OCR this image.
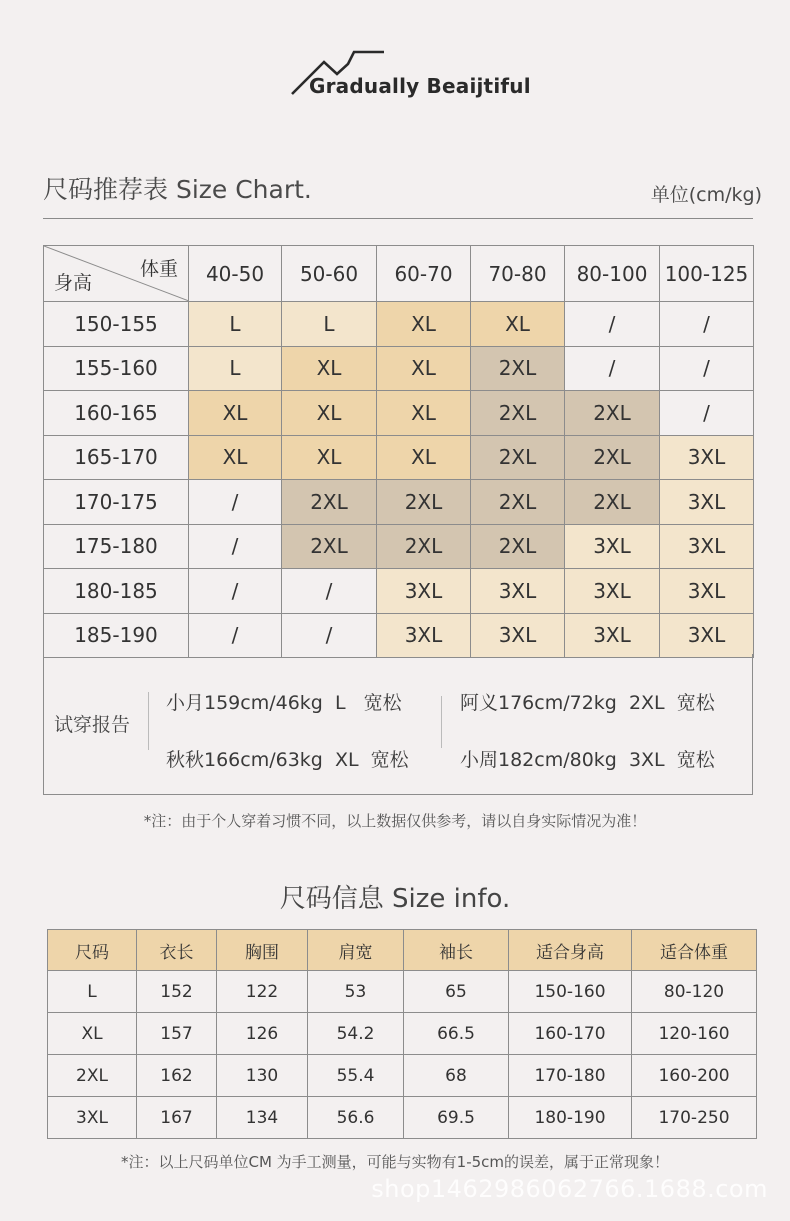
Gradually Beaijtiful
尺码推荐表 Size Chart.	单位(cm/kg)
体重
身高	40-50	50-60	60-70	70-80	80-100	100-125
150-155	L	L	XL	XL	/	/
155-160	L	XL	XL	2XL	/	/
160-165	XL	XL	XL	2XL	2XL	/
165-170	XL	XL	XL	2XL	2XL	3XL
170-175	/	2XL	2XL	2XL	2XL	3XL
175-180	/	2XL	2XL	2XL	3XL	3XL
180-185	/	/	3XL	3XL	3XL	3XL
185-190	/	/	3XL	3XL	3XL	3XL
试穿报告
小月159cm/46kg  L   宽松
秋秋166cm/63kg  XL  宽松
阿义176cm/72kg  2XL  宽松
小周182cm/80kg  3XL  宽松
*注：由于个人穿着习惯不同，以上数据仅供参考，请以自身实际情况为准！
尺码信息 Size info.
尺码	衣长	胸围	肩宽	袖长	适合身高	适合体重
L	152	122	53	65	150-160	80-120
XL	157	126	54.2	66.5	160-170	120-160
2XL	162	130	55.4	68	170-180	160-200
3XL	167	134	56.6	69.5	180-190	170-250
*注：以上尺码单位CM 为手工测量，可能与实物有1-5cm的误差，属于正常现象！
shop1462986062766.1688.com
